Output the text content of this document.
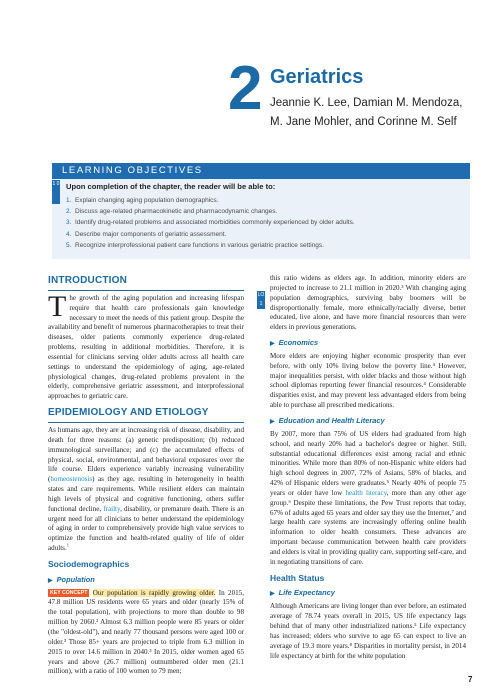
2 Geriatrics
Jeannie K. Lee, Damian M. Mendoza,
M. Jane Mohler, and Corinne M. Self
LEARNING OBJECTIVES
1 0 Upon completion of the chapter, the reader will be able to:
1. Explain changing aging population demographics.
2. Discuss age-related pharmacokinetic and pharmacodynamic changes.
3. Identify drug-related problems and associated morbidities commonly experienced by older adults.
4. Describe major components of geriatric assessment.
5. Recognize interprofessional patient care functions in various geriatric practice settings.
INTRODUCTION

The growth of the aging population and increasing lifespan require that health care professionals gain knowledge necessary to meet the needs of this patient group. Despite the availability and benefit of numerous pharmacotherapies to treat their diseases, older patients commonly experience drug-related problems, resulting in additional morbidities. Therefore, it is essential for clinicians serving older adults across all health care settings to understand the epidemiology of aging, age-related physiological changes, drug-related problems prevalent in the elderly, comprehensive geriatric assessment, and interprofessional approaches to geriatric care.

EPIDEMIOLOGY AND ETIOLOGY

As humans age, they are at increasing risk of disease, disability, and death for three reasons: (a) genetic predisposition; (b) reduced immunological surveillance; and (c) the accumulated effects of physical, social, environmental, and behavioral exposures over the life course. Elders experience variably increasing vulnerability (homeostenosis) as they age, resulting in heterogeneity in health states and care requirements. While resilient elders can maintain high levels of physical and cognitive functioning, others suffer functional decline, frailty, disability, or premature death. There is an urgent need for all clinicians to better understand the epidemiology of aging in order to comprehensively provide high value services to optimize the function and health-related quality of life of older adults.$^1$

Sociodemographics
▶ Population

KEY CONCEPT Our population is rapidly growing older. In 2015, 47.8 million US residents were 65 years and older (nearly 15% of the total population), with projections to more than double to 98 million by 2060.² Almost 6.3 million people were 85 years or older (the "oldest-old"), and nearly 77 thousand persons were aged 100 or older.³ Those 85+ years are projected to triple from 6.3 million in 2015 to over 14.6 million in 2040.³ In 2015, older women aged 65 years and above (26.7 million) outnumbered older men (21.1 million), with a ratio of 100 women to 79 men;

LO 1

this ratio widens as elders age. In addition, minority elders are projected to increase to 21.1 million in 2020.³ With changing aging population demographics, surviving baby boomers will be disproportionally female, more ethnically/racially diverse, better educated, live alone, and have more financial resources than were elders in previous generations.

▶ Economics

More elders are enjoying higher economic prosperity than ever before, with only 10% living below the poverty line.⁴ However, major inequalities persist, with older blacks and those without high school diplomas reporting fewer financial resources.⁴ Considerable disparities exist, and may prevent less advantaged elders from being able to purchase all prescribed medications.

▶ Education and Health Literacy

By 2007, more than 75% of US elders had graduated from high school, and nearly 20% had a bachelor's degree or higher. Still, substantial educational differences exist among racial and ethnic minorities. While more than 80% of non-Hispanic white elders had high school degrees in 2007, 72% of Asians, 58% of blacks, and 42% of Hispanic elders were graduates.⁵ Nearly 40% of people 75 years or older have low health literacy, more than any other age group.⁶ Despite these limitations, the Pew Trust reports that today, 67% of adults aged 65 years and older say they use the Internet,⁷ and large health care systems are increasingly offering online health information to older health consumers. These advances are important because communication between health care providers and elders is vital in providing quality care, supporting self-care, and in negotiating transitions of care.

Health Status
▶ Life Expectancy

Although Americans are living longer than ever before, an estimated average of 78.74 years overall in 2015, US life expectancy lags behind that of many other industrialized nations.⁵ Life expectancy has increased; elders who survive to age 65 can expect to live an average of 19.3 more years.⁸ Disparities in mortality persist, in 2014 life expectancy at birth for the white population

7
